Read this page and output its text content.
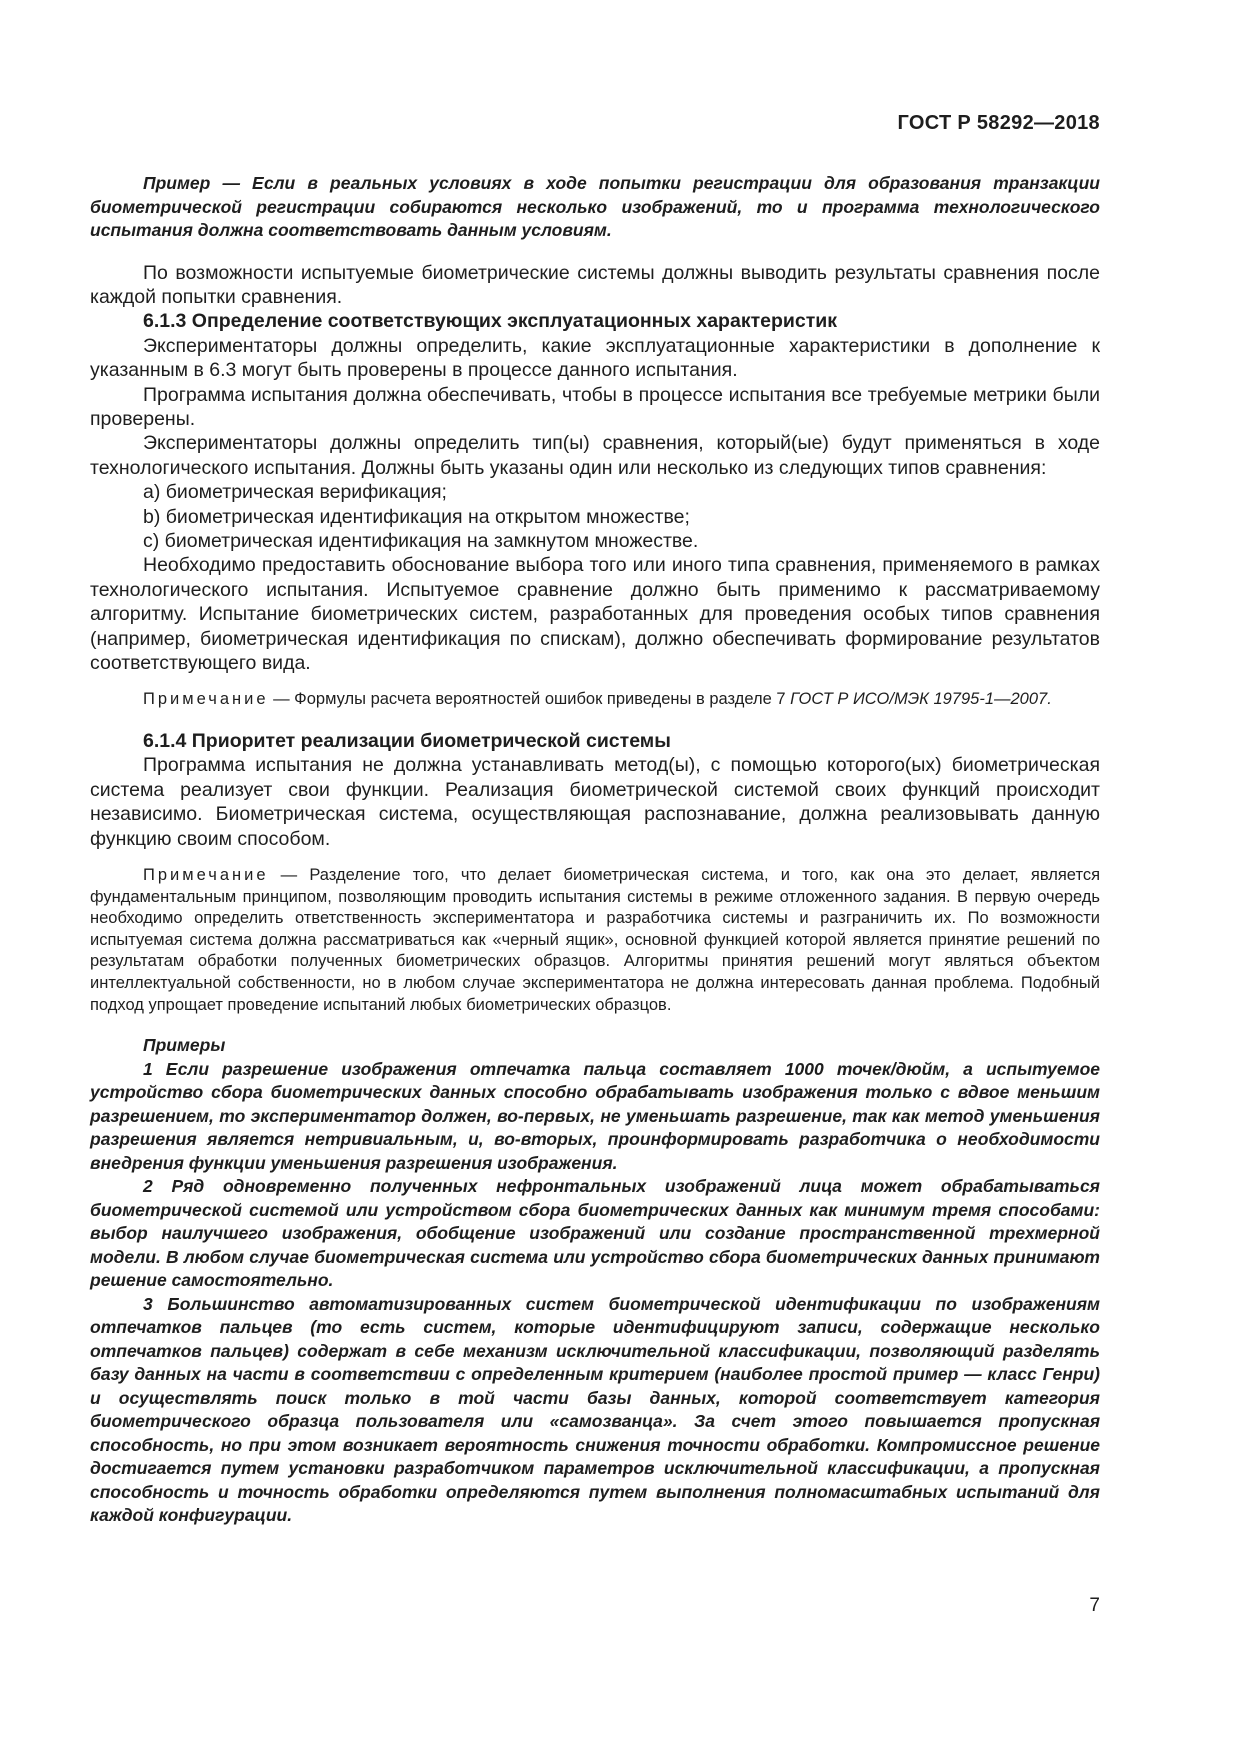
ГОСТ Р 58292—2018

Пример — Если в реальных условиях в ходе попытки регистрации для образования транзакции биометрической регистрации собираются несколько изображений, то и программа технологического испытания должна соответствовать данным условиям.

По возможности испытуемые биометрические системы должны выводить результаты сравнения после каждой попытки сравнения.

6.1.3 Определение соответствующих эксплуатационных характеристик

Экспериментаторы должны определить, какие эксплуатационные характеристики в дополнение к указанным в 6.3 могут быть проверены в процессе данного испытания.

Программа испытания должна обеспечивать, чтобы в процессе испытания все требуемые метрики были проверены.

Экспериментаторы должны определить тип(ы) сравнения, который(ые) будут применяться в ходе технологического испытания. Должны быть указаны один или несколько из следующих типов сравнения:

a) биометрическая верификация;

b) биометрическая идентификация на открытом множестве;

c) биометрическая идентификация на замкнутом множестве.

Необходимо предоставить обоснование выбора того или иного типа сравнения, применяемого в рамках технологического испытания. Испытуемое сравнение должно быть применимо к рассматриваемому алгоритму. Испытание биометрических систем, разработанных для проведения особых типов сравнения (например, биометрическая идентификация по спискам), должно обеспечивать формирование результатов соответствующего вида.

Примечание — Формулы расчета вероятностей ошибок приведены в разделе 7 ГОСТ Р ИСО/МЭК 19795-1—2007.

6.1.4 Приоритет реализации биометрической системы

Программа испытания не должна устанавливать метод(ы), с помощью которого(ых) биометрическая система реализует свои функции. Реализация биометрической системой своих функций происходит независимо. Биометрическая система, осуществляющая распознавание, должна реализовывать данную функцию своим способом.

Примечание — Разделение того, что делает биометрическая система, и того, как она это делает, является фундаментальным принципом, позволяющим проводить испытания системы в режиме отложенного задания. В первую очередь необходимо определить ответственность экспериментатора и разработчика системы и разграничить их. По возможности испытуемая система должна рассматриваться как «черный ящик», основной функцией которой является принятие решений по результатам обработки полученных биометрических образцов. Алгоритмы принятия решений могут являться объектом интеллектуальной собственности, но в любом случае экспериментатора не должна интересовать данная проблема. Подобный подход упрощает проведение испытаний любых биометрических образцов.

Примеры

1 Если разрешение изображения отпечатка пальца составляет 1000 точек/дюйм, а испытуемое устройство сбора биометрических данных способно обрабатывать изображения только с вдвое меньшим разрешением, то экспериментатор должен, во-первых, не уменьшать разрешение, так как метод уменьшения разрешения является нетривиальным, и, во-вторых, проинформировать разработчика о необходимости внедрения функции уменьшения разрешения изображения.

2 Ряд одновременно полученных нефронтальных изображений лица может обрабатываться биометрической системой или устройством сбора биометрических данных как минимум тремя способами: выбор наилучшего изображения, обобщение изображений или создание пространственной трехмерной модели. В любом случае биометрическая система или устройство сбора биометрических данных принимают решение самостоятельно.

3 Большинство автоматизированных систем биометрической идентификации по изображениям отпечатков пальцев (то есть систем, которые идентифицируют записи, содержащие несколько отпечатков пальцев) содержат в себе механизм исключительной классификации, позволяющий разделять базу данных на части в соответствии с определенным критерием (наиболее простой пример — класс Генри) и осуществлять поиск только в той части базы данных, которой соответствует категория биометрического образца пользователя или «самозванца». За счет этого повышается пропускная способность, но при этом возникает вероятность снижения точности обработки. Компромиссное решение достигается путем установки разработчиком параметров исключительной классификации, а пропускная способность и точность обработки определяются путем выполнения полномасштабных испытаний для каждой конфигурации.

7
